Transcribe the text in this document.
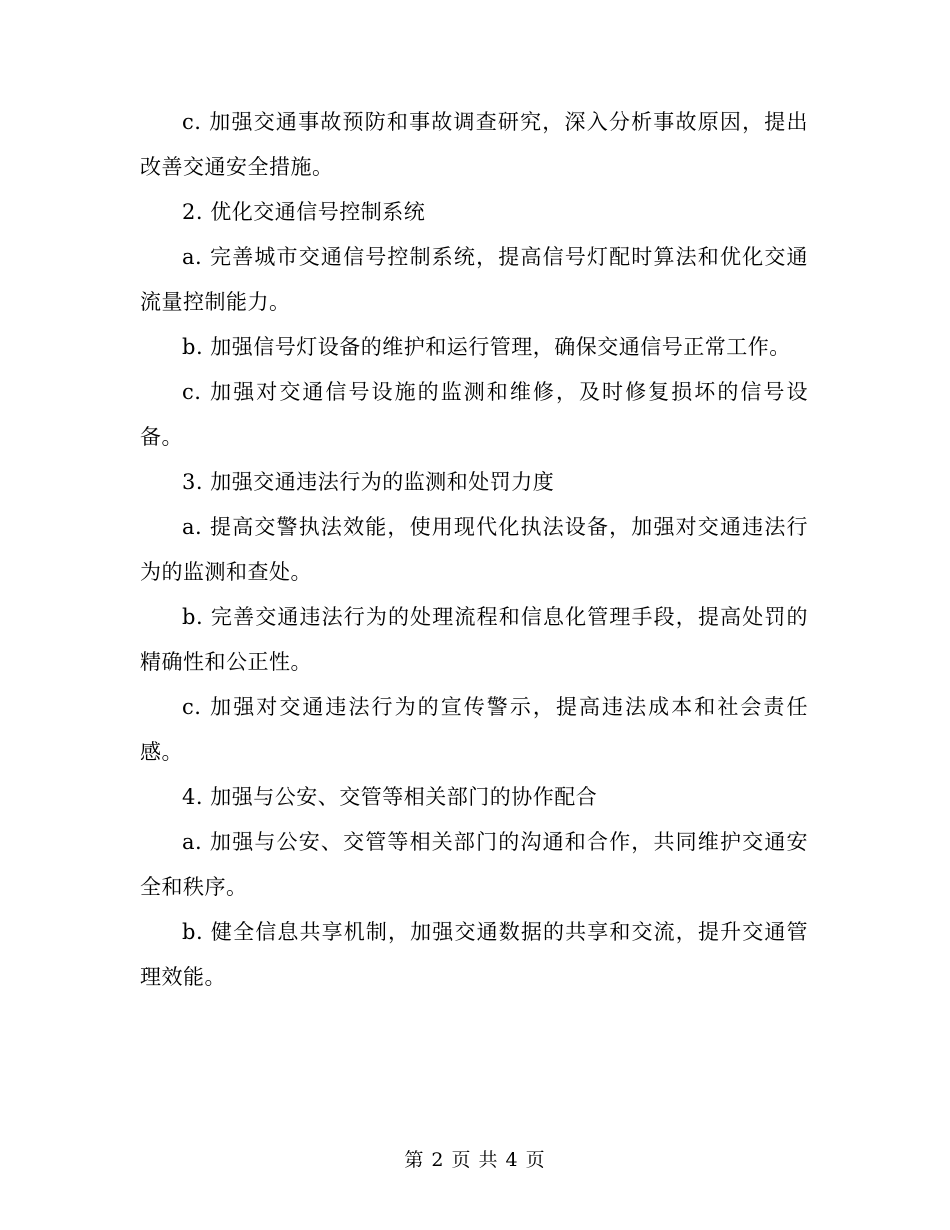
c. 加强交通事故预防和事故调查研究，深入分析事故原因，提出改善交通安全措施。

2. 优化交通信号控制系统

a. 完善城市交通信号控制系统，提高信号灯配时算法和优化交通流量控制能力。

b. 加强信号灯设备的维护和运行管理，确保交通信号正常工作。

c. 加强对交通信号设施的监测和维修，及时修复损坏的信号设备。

3. 加强交通违法行为的监测和处罚力度

a. 提高交警执法效能，使用现代化执法设备，加强对交通违法行为的监测和查处。

b. 完善交通违法行为的处理流程和信息化管理手段，提高处罚的精确性和公正性。

c. 加强对交通违法行为的宣传警示，提高违法成本和社会责任感。

4. 加强与公安、交管等相关部门的协作配合

a. 加强与公安、交管等相关部门的沟通和合作，共同维护交通安全和秩序。

b. 健全信息共享机制，加强交通数据的共享和交流，提升交通管理效能。

第 2 页 共 4 页
